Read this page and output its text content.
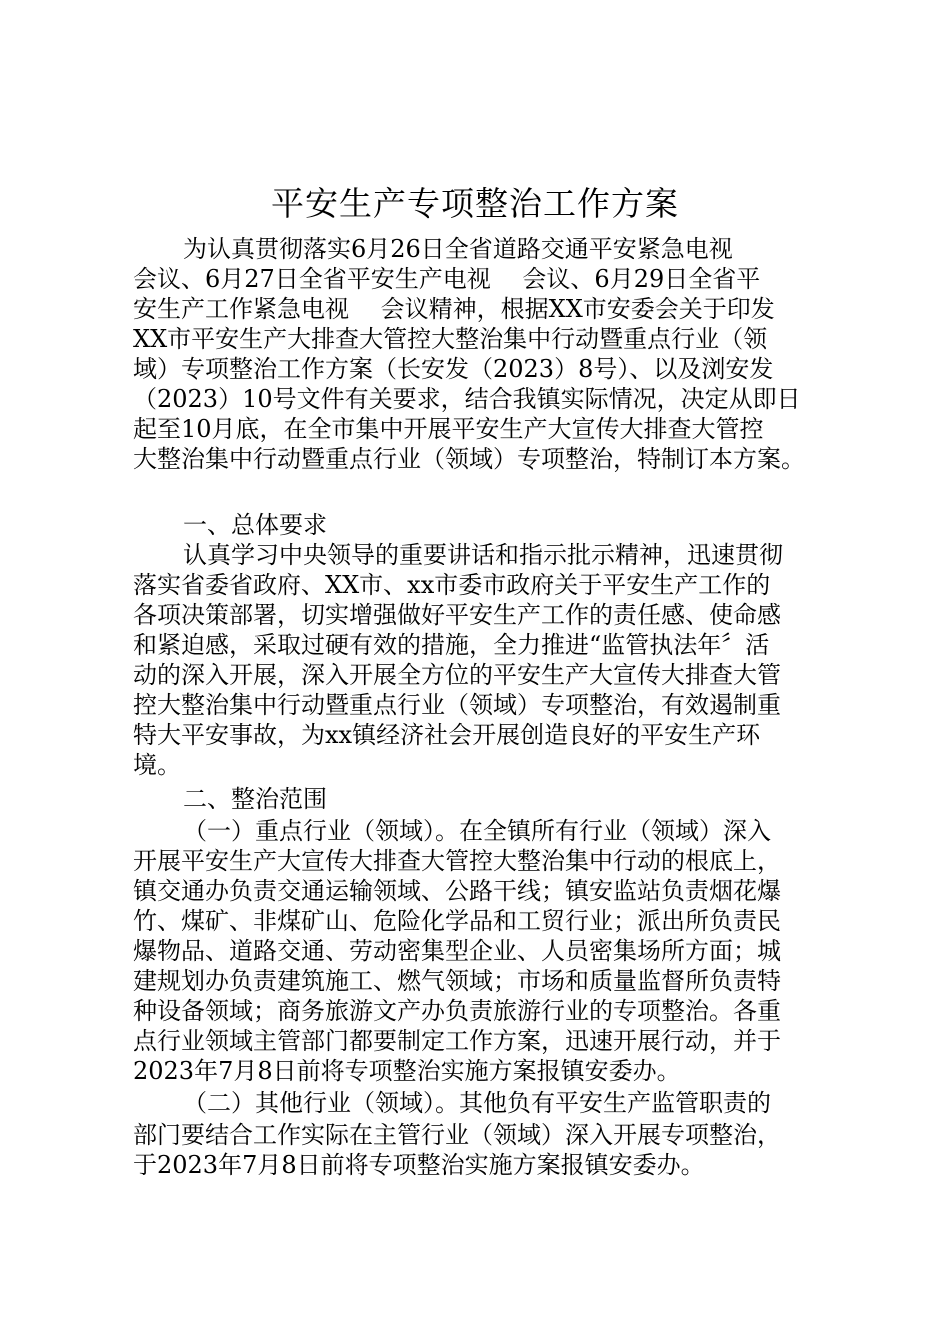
平安生产专项整治工作方案
为认真贯彻落实6月26日全省道路交通平安紧急电视
会议、6月27日全省平安生产电视　 会议、6月29日全省平
安生产工作紧急电视　 会议精神，根据XX市安委会关于印发
XX市平安生产大排查大管控大整治集中行动暨重点行业（领
域）专项整治工作方案（长安发（2023）8号）、以及浏安发
（2023）10号文件有关要求，结合我镇实际情况，决定从即日
起至10月底，在全市集中开展平安生产大宣传大排查大管控
大整治集中行动暨重点行业（领域）专项整治，特制订本方案。
一、总体要求
认真学习中央领导的重要讲话和指示批示精神，迅速贯彻
落实省委省政府、XX市、xx市委市政府关于平安生产工作的
各项决策部署，切实增强做好平安生产工作的责任感、使命感
和紧迫感，采取过硬有效的措施，全力推进“监管执法年〞活
动的深入开展，深入开展全方位的平安生产大宣传大排查大管
控大整治集中行动暨重点行业（领域）专项整治，有效遏制重
特大平安事故，为xx镇经济社会开展创造良好的平安生产环
境。
二、整治范围
（一）重点行业（领域）。在全镇所有行业（领域）深入
开展平安生产大宣传大排查大管控大整治集中行动的根底上，
镇交通办负责交通运输领域、公路干线；镇安监站负责烟花爆
竹、煤矿、非煤矿山、危险化学品和工贸行业；派出所负责民
爆物品、道路交通、劳动密集型企业、人员密集场所方面；城
建规划办负责建筑施工、燃气领域；市场和质量监督所负责特
种设备领域；商务旅游文产办负责旅游行业的专项整治。各重
点行业领域主管部门都要制定工作方案，迅速开展行动，并于
2023年7月8日前将专项整治实施方案报镇安委办。
（二）其他行业（领域）。其他负有平安生产监管职责的
部门要结合工作实际在主管行业（领域）深入开展专项整治，
于2023年7月8日前将专项整治实施方案报镇安委办。
